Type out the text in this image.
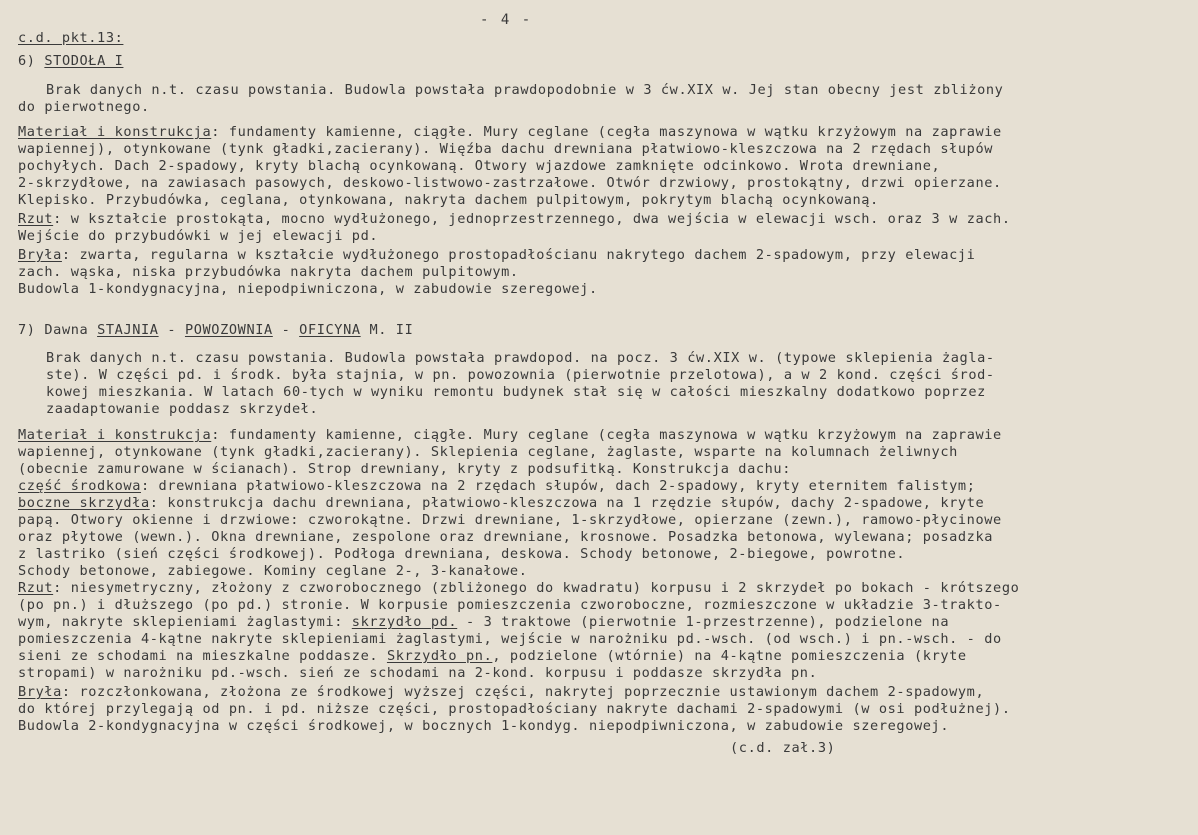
- 4 -
c.d. pkt.13:
6) STODOŁA I
Brak danych n.t. czasu powstania. Budowla powstała prawdopodobnie w 3 ćw.XIX w. Jej stan obecny jest zbliżony
do pierwotnego.
Materiał i konstrukcja: fundamenty kamienne, ciągłe. Mury ceglane (cegła maszynowa w wątku krzyżowym na zaprawie
wapiennej), otynkowane (tynk gładki,zacierany). Więźba dachu drewniana płatwiowo-kleszczowa na 2 rzędach słupów
pochyłych. Dach 2-spadowy, kryty blachą ocynkowaną. Otwory wjazdowe zamknięte odcinkowo. Wrota drewniane,
2-skrzydłowe, na zawiasach pasowych, deskowo-listwowo-zastrzałowe. Otwór drzwiowy, prostokątny, drzwi opierzane.
Klepisko. Przybudówka, ceglana, otynkowana, nakryta dachem pulpitowym, pokrytym blachą ocynkowaną.
Rzut: w kształcie prostokąta, mocno wydłużonego, jednoprzestrzennego, dwa wejścia w elewacji wsch. oraz 3 w zach.
Wejście do przybudówki w jej elewacji pd.
Bryła: zwarta, regularna w kształcie wydłużonego prostopadłościanu nakrytego dachem 2-spadowym, przy elewacji
zach. wąska, niska przybudówka nakryta dachem pulpitowym.
Budowla 1-kondygnacyjna, niepodpiwniczona, w zabudowie szeregowej.
7) Dawna STAJNIA - POWOZOWNIA - OFICYNA M. II
Brak danych n.t. czasu powstania. Budowla powstała prawdopod. na pocz. 3 ćw.XIX w. (typowe sklepienia żagla-
ste). W części pd. i środk. była stajnia, w pn. powozownia (pierwotnie przelotowa), a w 2 kond. części środ-
kowej mieszkania. W latach 60-tych w wyniku remontu budynek stał się w całości mieszkalny dodatkowo poprzez
zaadaptowanie poddasz skrzydeł.
Materiał i konstrukcja: fundamenty kamienne, ciągłe. Mury ceglane (cegła maszynowa w wątku krzyżowym na zaprawie
wapiennej, otynkowane (tynk gładki,zacierany). Sklepienia ceglane, żaglaste, wsparte na kolumnach żeliwnych
(obecnie zamurowane w ścianach). Strop drewniany, kryty z podsufitką. Konstrukcja dachu:
część środkowa: drewniana płatwiowo-kleszczowa na 2 rzędach słupów, dach 2-spadowy, kryty eternitem falistym;
boczne skrzydła: konstrukcja dachu drewniana, płatwiowo-kleszczowa na 1 rzędzie słupów, dachy 2-spadowe, kryte
papą. Otwory okienne i drzwiowe: czworokątne. Drzwi drewniane, 1-skrzydłowe, opierzane (zewn.), ramowo-płycinowe
oraz płytowe (wewn.). Okna drewniane, zespolone oraz drewniane, krosnowe. Posadzka betonowa, wylewana; posadzka
z lastriko (sień części środkowej). Podłoga drewniana, deskowa. Schody betonowe, 2-biegowe, powrotne.
Schody betonowe, zabiegowe. Kominy ceglane 2-, 3-kanałowe.
Rzut: niesymetryczny, złożony z czworobocznego (zbliżonego do kwadratu) korpusu i 2 skrzydeł po bokach - krótszego
(po pn.) i dłuższego (po pd.) stronie. W korpusie pomieszczenia czworoboczne, rozmieszczone w układzie 3-trakto-
wym, nakryte sklepieniami żaglastymi: skrzydło pd. - 3 traktowe (pierwotnie 1-przestrzenne), podzielone na
pomieszczenia 4-kątne nakryte sklepieniami żaglastymi, wejście w narożniku pd.-wsch. (od wsch.) i pn.-wsch. - do
sieni ze schodami na mieszkalne poddasze. Skrzydło pn., podzielone (wtórnie) na 4-kątne pomieszczenia (kryte
stropami) w narożniku pd.-wsch. sień ze schodami na 2-kond. korpusu i poddasze skrzydła pn.
Bryła: rozczłonkowana, złożona ze środkowej wyższej części, nakrytej poprzecznie ustawionym dachem 2-spadowym,
do której przylegają od pn. i pd. niższe części, prostopadłościany nakryte dachami 2-spadowymi (w osi podłużnej).
Budowla 2-kondygnacyjna w części środkowej, w bocznych 1-kondyg. niepodpiwniczona, w zabudowie szeregowej.
(c.d. zał.3)
